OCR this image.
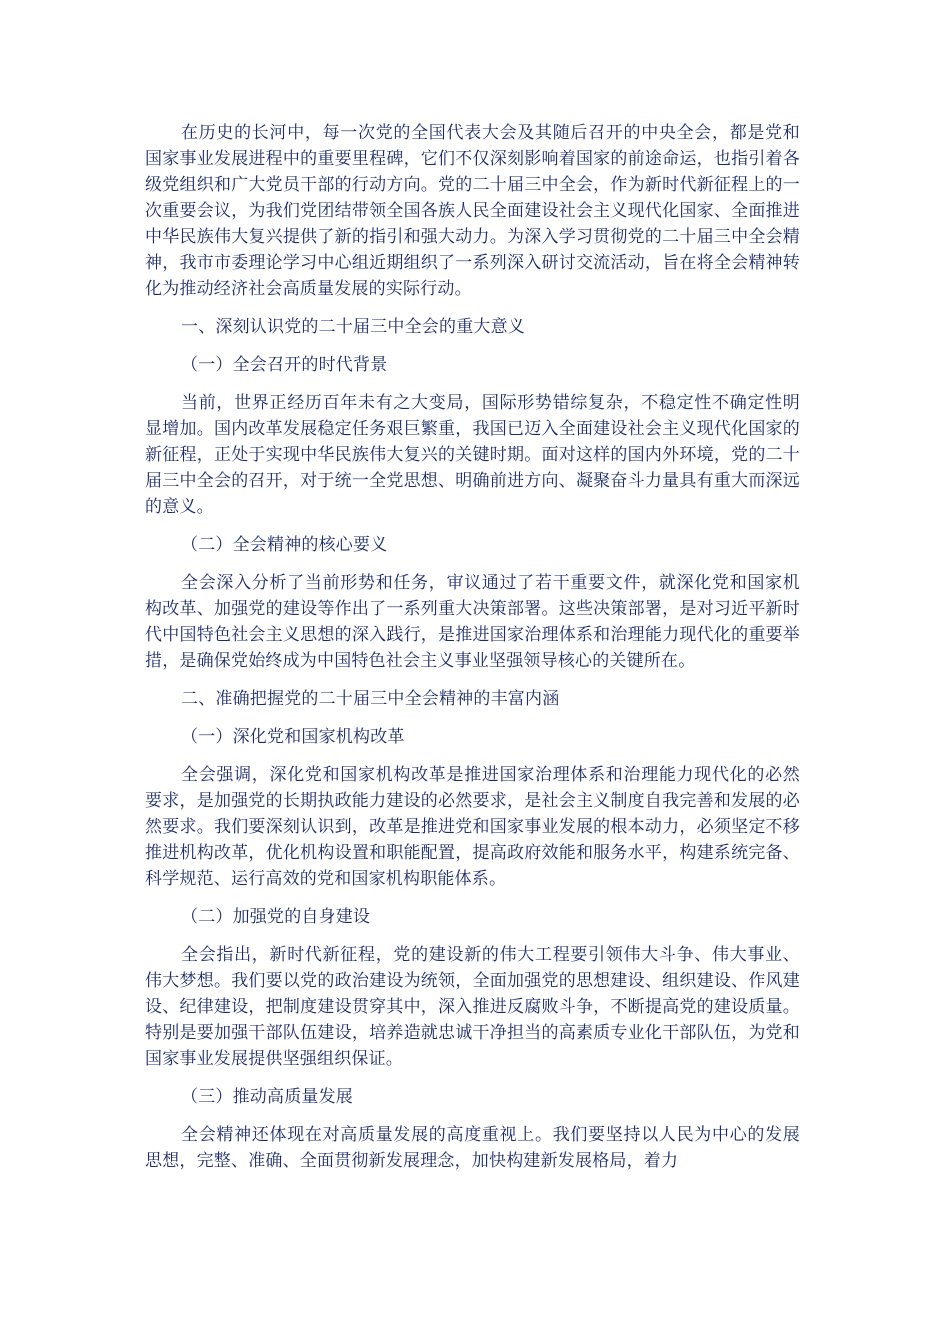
在历史的长河中，每一次党的全国代表大会及其随后召开的中央全会，都是党和国家事业发展进程中的重要里程碑，它们不仅深刻影响着国家的前途命运，也指引着各级党组织和广大党员干部的行动方向。党的二十届三中全会，作为新时代新征程上的一次重要会议，为我们党团结带领全国各族人民全面建设社会主义现代化国家、全面推进中华民族伟大复兴提供了新的指引和强大动力。为深入学习贯彻党的二十届三中全会精神，我市市委理论学习中心组近期组织了一系列深入研讨交流活动，旨在将全会精神转化为推动经济社会高质量发展的实际行动。

一、深刻认识党的二十届三中全会的重大意义

（一）全会召开的时代背景

当前，世界正经历百年未有之大变局，国际形势错综复杂，不稳定性不确定性明显增加。国内改革发展稳定任务艰巨繁重，我国已迈入全面建设社会主义现代化国家的新征程，正处于实现中华民族伟大复兴的关键时期。面对这样的国内外环境，党的二十届三中全会的召开，对于统一全党思想、明确前进方向、凝聚奋斗力量具有重大而深远的意义。

（二）全会精神的核心要义

全会深入分析了当前形势和任务，审议通过了若干重要文件，就深化党和国家机构改革、加强党的建设等作出了一系列重大决策部署。这些决策部署，是对习近平新时代中国特色社会主义思想的深入践行，是推进国家治理体系和治理能力现代化的重要举措，是确保党始终成为中国特色社会主义事业坚强领导核心的关键所在。

二、准确把握党的二十届三中全会精神的丰富内涵

（一）深化党和国家机构改革

全会强调，深化党和国家机构改革是推进国家治理体系和治理能力现代化的必然要求，是加强党的长期执政能力建设的必然要求，是社会主义制度自我完善和发展的必然要求。我们要深刻认识到，改革是推进党和国家事业发展的根本动力，必须坚定不移推进机构改革，优化机构设置和职能配置，提高政府效能和服务水平，构建系统完备、科学规范、运行高效的党和国家机构职能体系。

（二）加强党的自身建设

全会指出，新时代新征程，党的建设新的伟大工程要引领伟大斗争、伟大事业、伟大梦想。我们要以党的政治建设为统领，全面加强党的思想建设、组织建设、作风建设、纪律建设，把制度建设贯穿其中，深入推进反腐败斗争，不断提高党的建设质量。特别是要加强干部队伍建设，培养造就忠诚干净担当的高素质专业化干部队伍，为党和国家事业发展提供坚强组织保证。

（三）推动高质量发展

全会精神还体现在对高质量发展的高度重视上。我们要坚持以人民为中心的发展思想，完整、准确、全面贯彻新发展理念，加快构建新发展格局，着力
